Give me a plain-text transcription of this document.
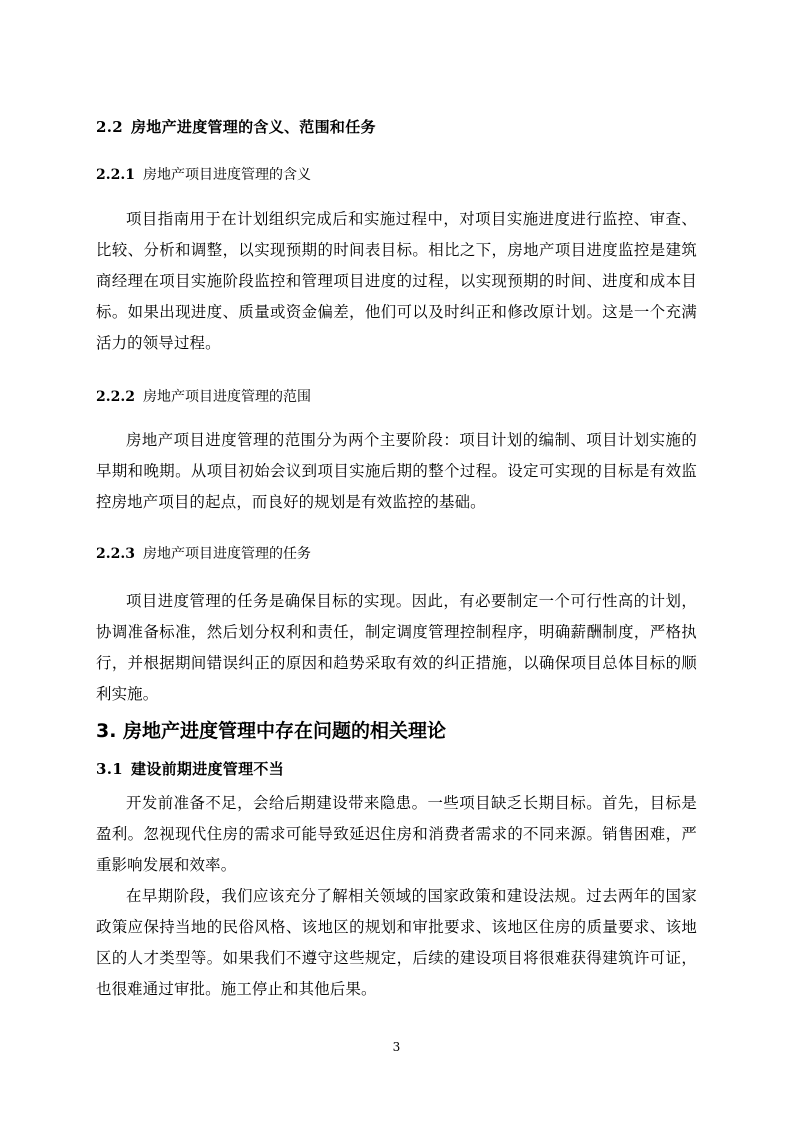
2.2 房地产进度管理的含义、范围和任务
2.2.1 房地产项目进度管理的含义

项目指南用于在计划组织完成后和实施过程中，对项目实施进度进行监控、审查、比较、分析和调整，以实现预期的时间表目标。相比之下，房地产项目进度监控是建筑商经理在项目实施阶段监控和管理项目进度的过程，以实现预期的时间、进度和成本目标。如果出现进度、质量或资金偏差，他们可以及时纠正和修改原计划。这是一个充满活力的领导过程。

2.2.2 房地产项目进度管理的范围

房地产项目进度管理的范围分为两个主要阶段：项目计划的编制、项目计划实施的早期和晚期。从项目初始会议到项目实施后期的整个过程。设定可实现的目标是有效监控房地产项目的起点，而良好的规划是有效监控的基础。

2.2.3 房地产项目进度管理的任务

项目进度管理的任务是确保目标的实现。因此，有必要制定一个可行性高的计划，协调准备标准，然后划分权利和责任，制定调度管理控制程序，明确薪酬制度，严格执行，并根据期间错误纠正的原因和趋势采取有效的纠正措施，以确保项目总体目标的顺利实施。

3. 房地产进度管理中存在问题的相关理论
3.1 建设前期进度管理不当

开发前准备不足，会给后期建设带来隐患。一些项目缺乏长期目标。首先，目标是盈利。忽视现代住房的需求可能导致延迟住房和消费者需求的不同来源。销售困难，严重影响发展和效率。

在早期阶段，我们应该充分了解相关领域的国家政策和建设法规。过去两年的国家政策应保持当地的民俗风格、该地区的规划和审批要求、该地区住房的质量要求、该地区的人才类型等。如果我们不遵守这些规定，后续的建设项目将很难获得建筑许可证，也很难通过审批。施工停止和其他后果。

3
